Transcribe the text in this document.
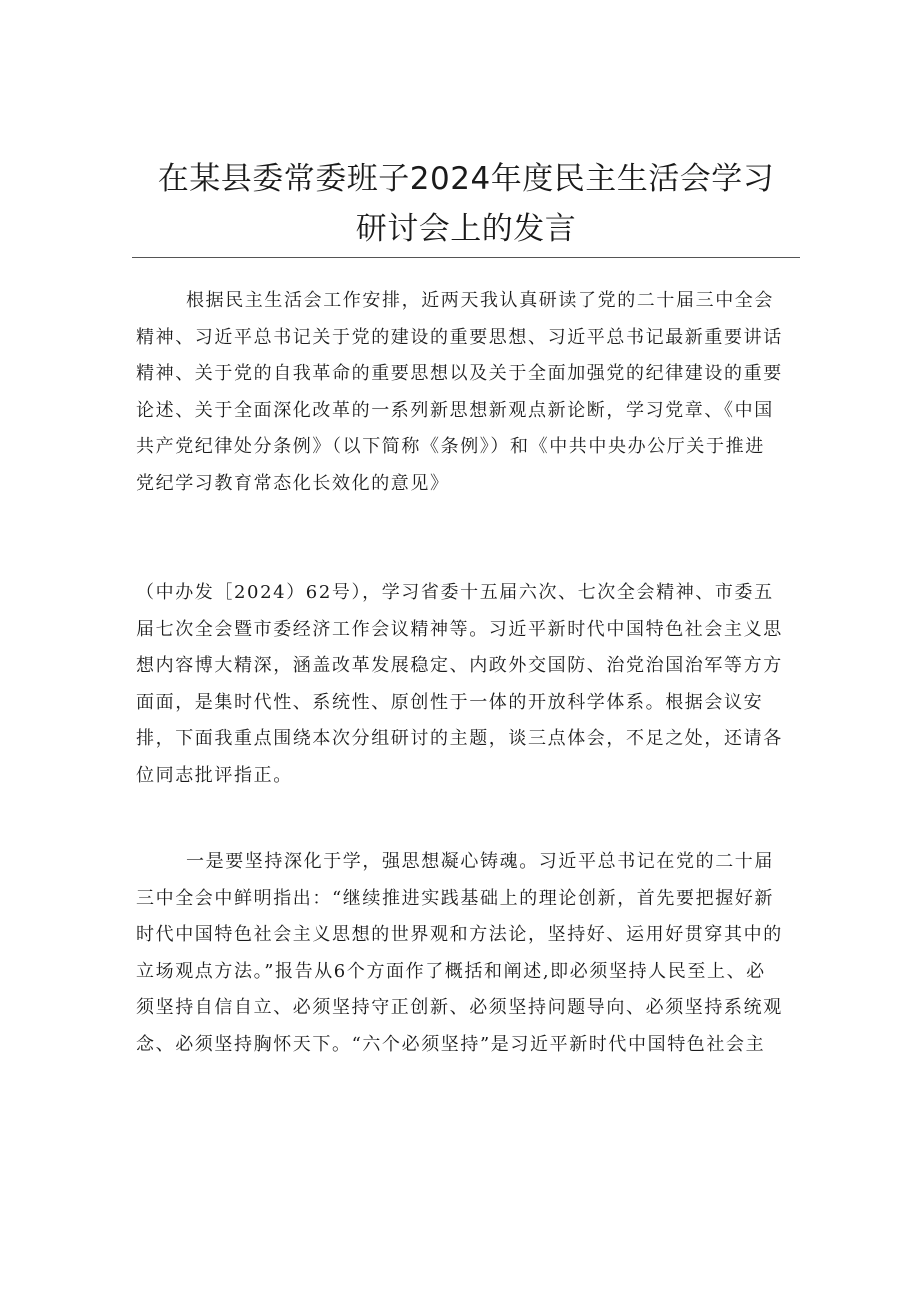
在某县委常委班子2024年度民主生活会学习
研讨会上的发言
根据民主生活会工作安排，近两天我认真研读了党的二十届三中全会
精神、习近平总书记关于党的建设的重要思想、习近平总书记最新重要讲话
精神、关于党的自我革命的重要思想以及关于全面加强党的纪律建设的重要
论述、关于全面深化改革的一系列新思想新观点新论断，学习党章、《中国
共产党纪律处分条例》（以下简称《条例》）和《中共中央办公厅关于推进
党纪学习教育常态化长效化的意见》
（中办发［2024）62号），学习省委十五届六次、七次全会精神、市委五
届七次全会暨市委经济工作会议精神等。习近平新时代中国特色社会主义思
想内容博大精深，涵盖改革发展稳定、内政外交国防、治党治国治军等方方
面面，是集时代性、系统性、原创性于一体的开放科学体系。根据会议安
排，下面我重点围绕本次分组研讨的主题，谈三点体会，不足之处，还请各
位同志批评指正。
一是要坚持深化于学，强思想凝心铸魂。习近平总书记在党的二十届
三中全会中鲜明指出：“继续推进实践基础上的理论创新，首先要把握好新
时代中国特色社会主义思想的世界观和方法论，坚持好、运用好贯穿其中的
立场观点方法。”报告从6个方面作了概括和阐述,即必须坚持人民至上、必
须坚持自信自立、必须坚持守正创新、必须坚持问题导向、必须坚持系统观
念、必须坚持胸怀天下。“六个必须坚持”是习近平新时代中国特色社会主
